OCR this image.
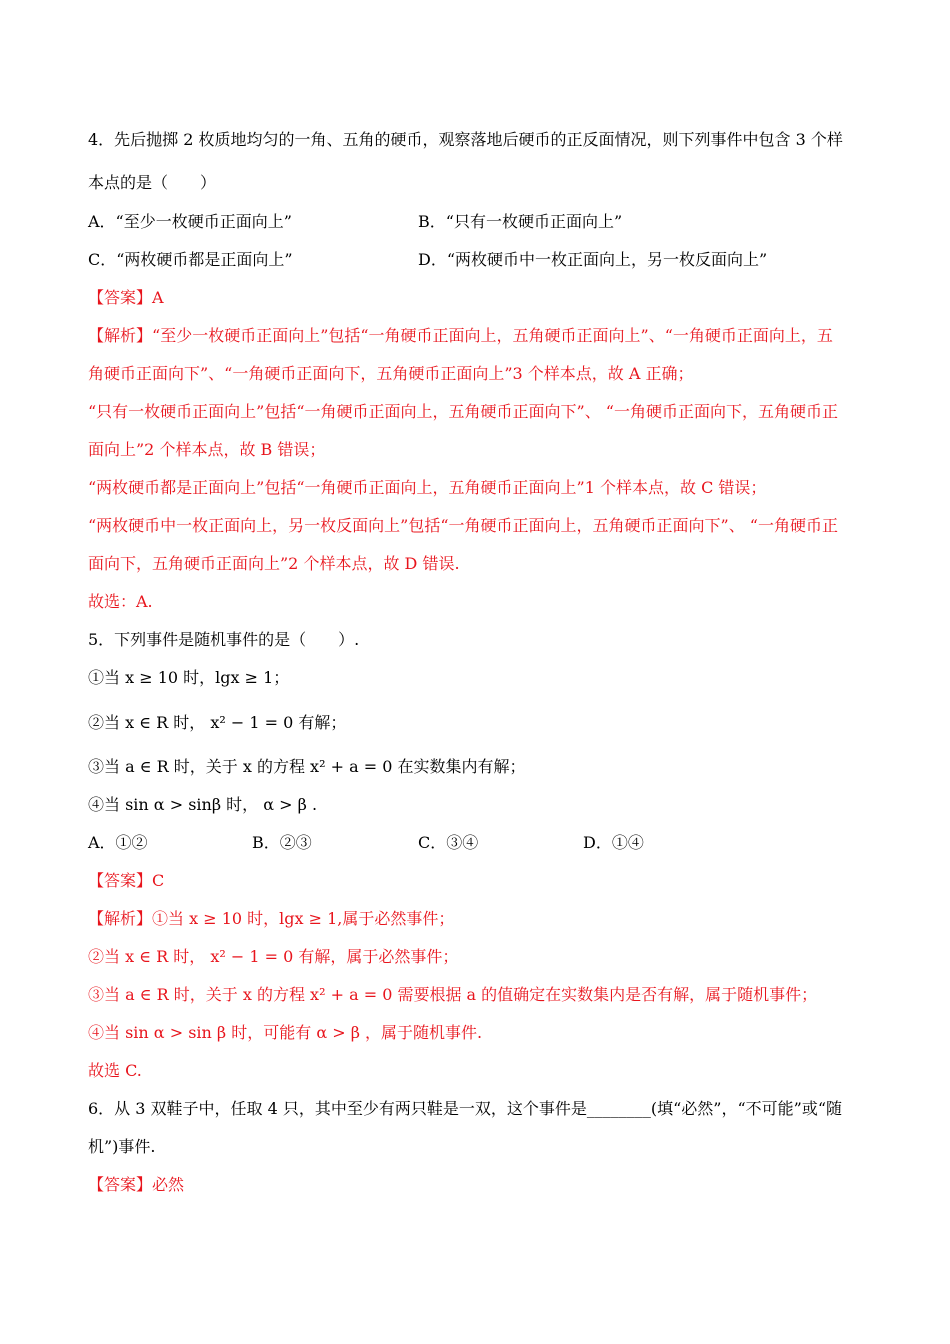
4．先后抛掷 2 枚质地均匀的一角、五角的硬币，观察落地后硬币的正反面情况，则下列事件中包含 3 个样
本点的是（　　）
A．“至少一枚硬币正面向上”	B．“只有一枚硬币正面向上”
C．“两枚硬币都是正面向上”	D．“两枚硬币中一枚正面向上，另一枚反面向上”
【答案】A
【解析】“至少一枚硬币正面向上”包括“一角硬币正面向上，五角硬币正面向上”、“一角硬币正面向上，五
角硬币正面向下”、“一角硬币正面向下，五角硬币正面向上”3 个样本点，故 A 正确；
“只有一枚硬币正面向上”包括“一角硬币正面向上，五角硬币正面向下”、 “一角硬币正面向下，五角硬币正
面向上”2 个样本点，故 B 错误；
“两枚硬币都是正面向上”包括“一角硬币正面向上，五角硬币正面向上”1 个样本点，故 C 错误；
“两枚硬币中一枚正面向上，另一枚反面向上”包括“一角硬币正面向上，五角硬币正面向下”、 “一角硬币正
面向下，五角硬币正面向上”2 个样本点，故 D 错误.
故选：A.
5．下列事件是随机事件的是（　　）.
①当 x ≥ 10 时，lgx ≥ 1；
②当 x ∈ R 时， x² − 1 = 0 有解；
③当 a ∈ R 时，关于 x 的方程 x² + a = 0 在实数集内有解；
④当 sin α > sinβ 时， α > β .
A．①②	B．②③	C．③④	D．①④
【答案】C
【解析】①当 x ≥ 10 时，lgx ≥ 1,属于必然事件；
②当 x ∈ R 时， x² − 1 = 0 有解，属于必然事件；
③当 a ∈ R 时，关于 x 的方程 x² + a = 0 需要根据 a 的值确定在实数集内是否有解，属于随机事件；
④当 sin α > sin β 时，可能有 α > β ，属于随机事件.
故选 C.
6．从 3 双鞋子中，任取 4 只，其中至少有两只鞋是一双，这个事件是________(填“必然”，“不可能”或“随
机”)事件.
【答案】必然
